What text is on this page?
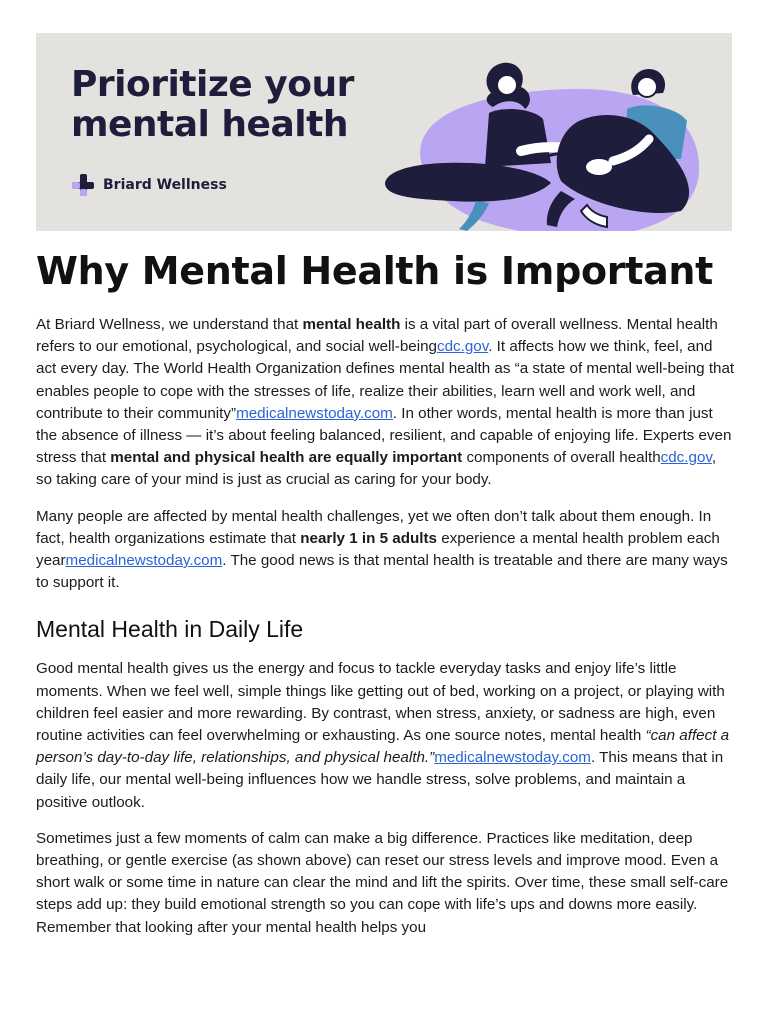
Prioritize your
mental health
Briard Wellness
Why Mental Health is Important

At Briard Wellness, we understand that mental health is a vital part of overall wellness. Mental health refers to our emotional, psychological, and social well-beingcdc.gov. It affects how we think, feel, and act every day. The World Health Organization defines mental health as “a state of mental well-being that enables people to cope with the stresses of life, realize their abilities, learn well and work well, and contribute to their community”medicalnewstoday.com. In other words, mental health is more than just the absence of illness — it’s about feeling balanced, resilient, and capable of enjoying life. Experts even stress that mental and physical health are equally important components of overall healthcdc.gov, so taking care of your mind is just as crucial as caring for your body.

Many people are affected by mental health challenges, yet we often don’t talk about them enough. In fact, health organizations estimate that nearly 1 in 5 adults experience a mental health problem each yearmedicalnewstoday.com. The good news is that mental health is treatable and there are many ways to support it.

Mental Health in Daily Life

Good mental health gives us the energy and focus to tackle everyday tasks and enjoy life’s little moments. When we feel well, simple things like getting out of bed, working on a project, or playing with children feel easier and more rewarding. By contrast, when stress, anxiety, or sadness are high, even routine activities can feel overwhelming or exhausting. As one source notes, mental health “can affect a person’s day-to-day life, relationships, and physical health.”medicalnewstoday.com. This means that in daily life, our mental well-being influences how we handle stress, solve problems, and maintain a positive outlook.

Sometimes just a few moments of calm can make a big difference. Practices like meditation, deep breathing, or gentle exercise (as shown above) can reset our stress levels and improve mood. Even a short walk or some time in nature can clear the mind and lift the spirits. Over time, these small self-care steps add up: they build emotional strength so you can cope with life’s ups and downs more easily. Remember that looking after your mental health helps you
